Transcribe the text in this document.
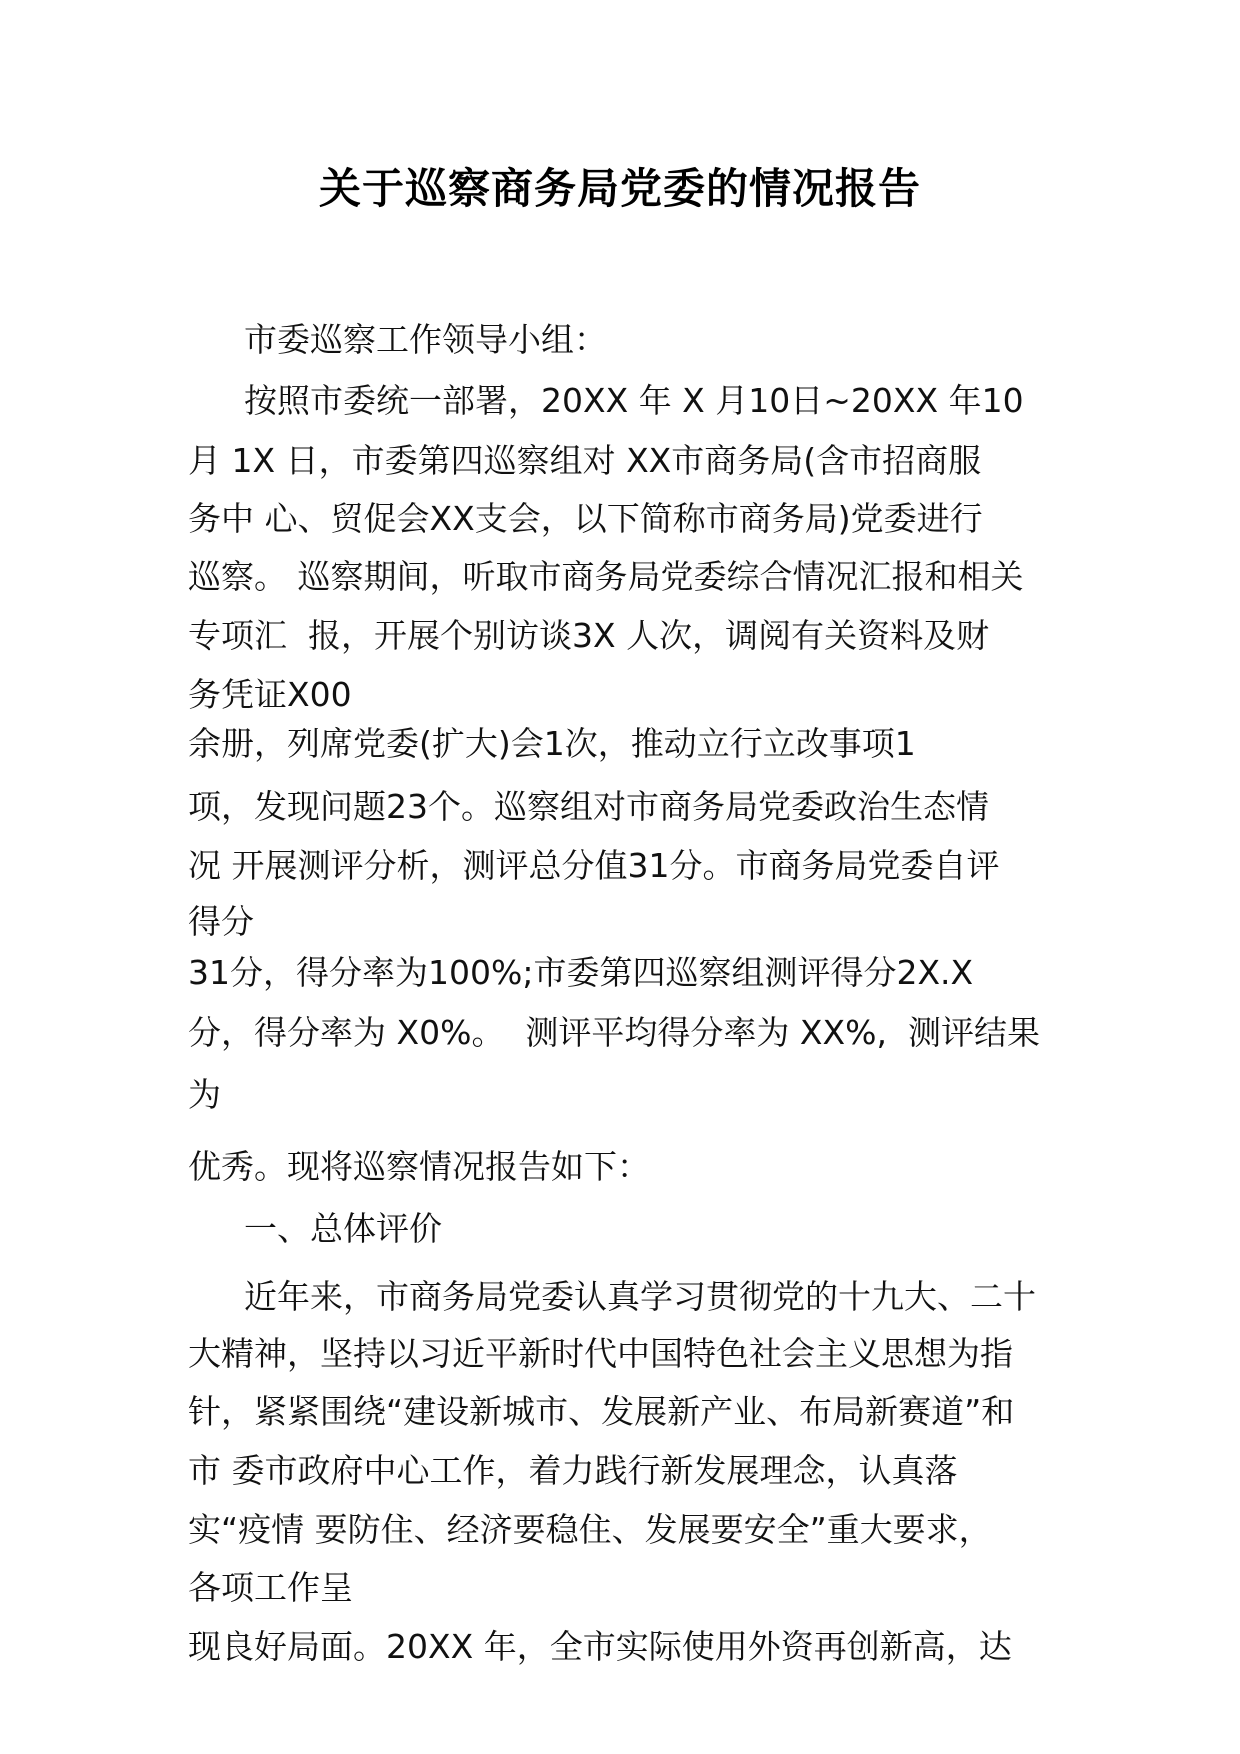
关于巡察商务局党委的情况报告
市委巡察工作领导小组：
按照市委统一部署，20XX 年 X 月10日~20XX 年10
月 1X 日，市委第四巡察组对 XX市商务局(含市招商服
务中 心、贸促会XX支会，以下简称市商务局)党委进行
巡察。 巡察期间，听取市商务局党委综合情况汇报和相关
专项汇  报，开展个别访谈3X 人次，调阅有关资料及财
务凭证X00
余册，列席党委(扩大)会1次，推动立行立改事项1
项，发现问题23个。巡察组对市商务局党委政治生态情
况 开展测评分析，测评总分值31分。市商务局党委自评
得分
31分，得分率为100%;市委第四巡察组测评得分2X.X
分，得分率为 X0%。  测评平均得分率为 XX%,  测评结果
为
优秀。现将巡察情况报告如下：
一、总体评价
近年来，市商务局党委认真学习贯彻党的十九大、二十
大精神，坚持以习近平新时代中国特色社会主义思想为指
针，紧紧围绕“建设新城市、发展新产业、布局新赛道”和
市 委市政府中心工作，着力践行新发展理念，认真落
实“疫情 要防住、经济要稳住、发展要安全”重大要求，
各项工作呈
现良好局面。20XX 年，全市实际使用外资再创新高，达
